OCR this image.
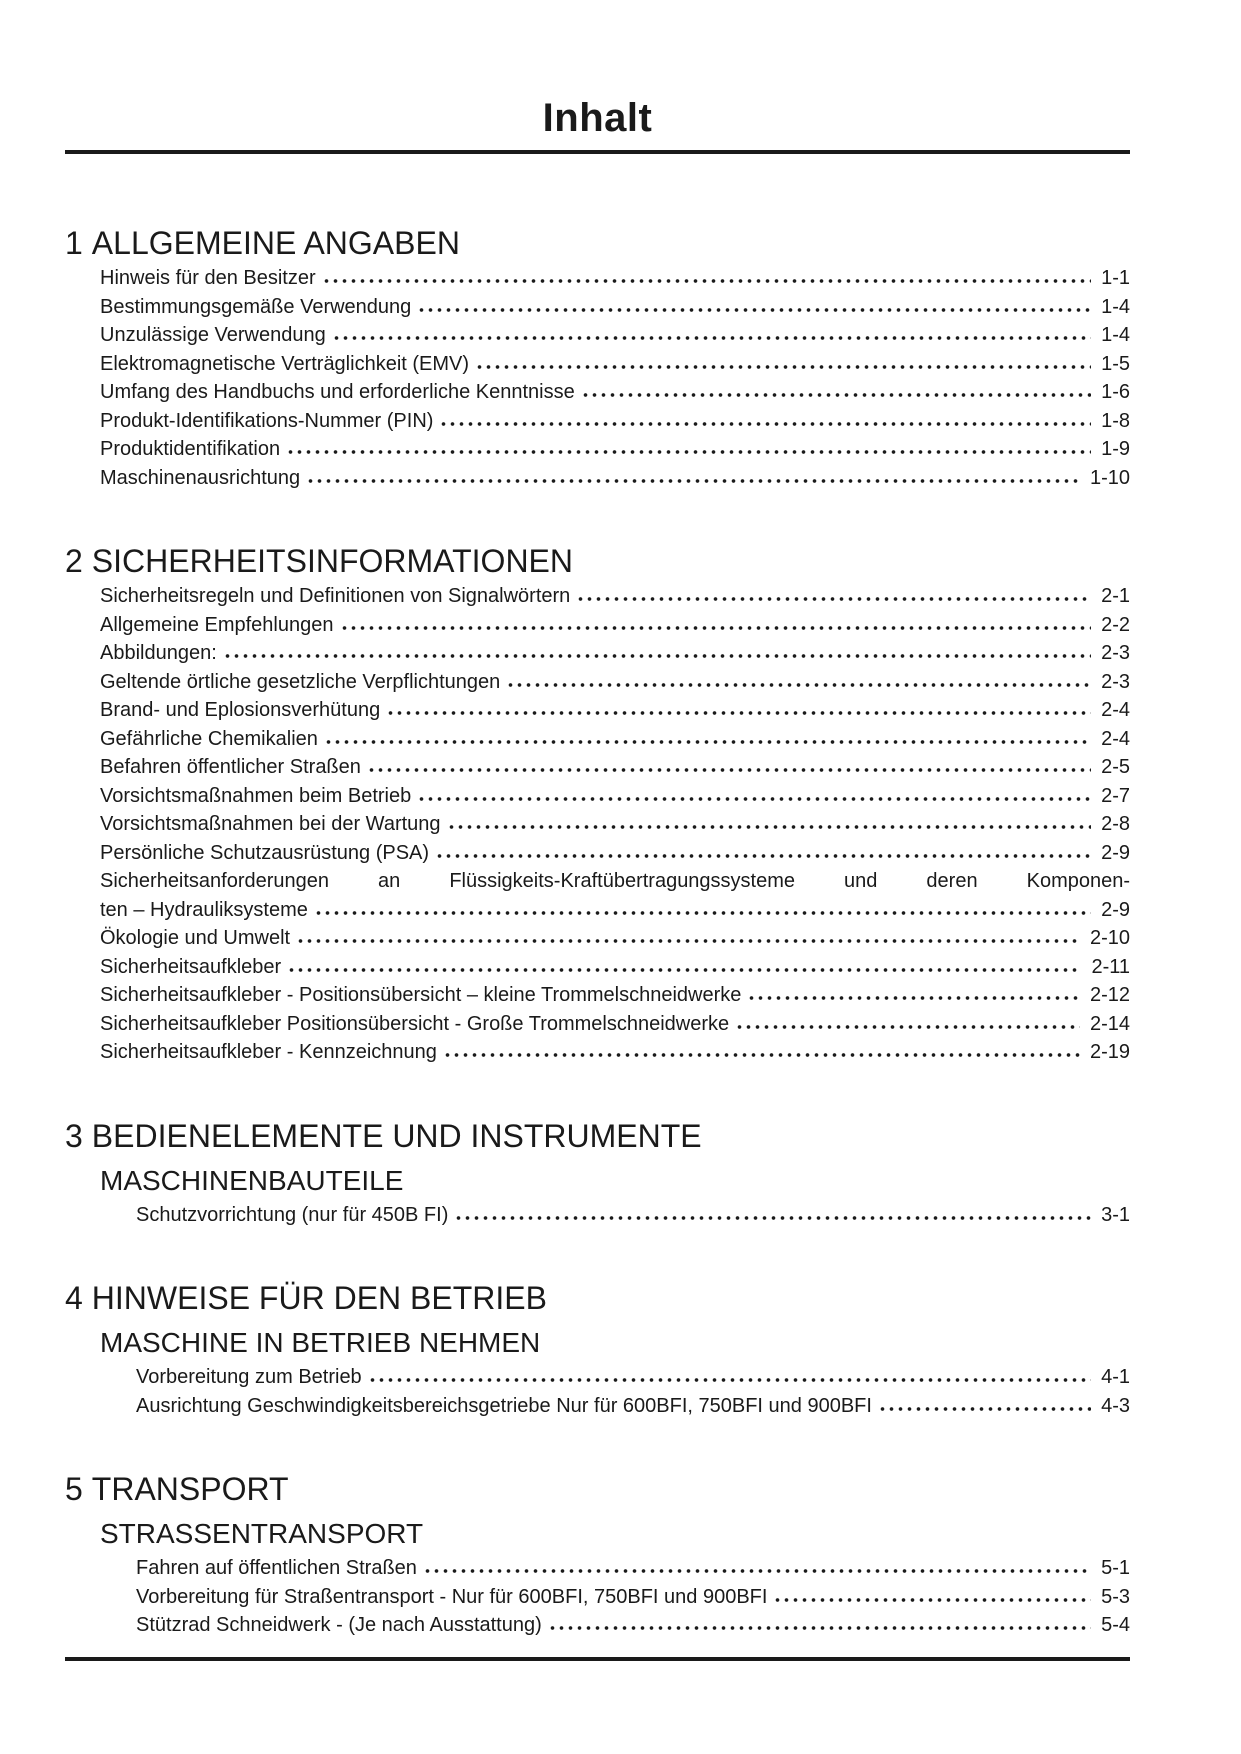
Inhalt
1 ALLGEMEINE ANGABEN
Hinweis für den Besitzer	1-1
Bestimmungsgemäße Verwendung	1-4
Unzulässige Verwendung	1-4
Elektromagnetische Verträglichkeit (EMV)	1-5
Umfang des Handbuchs und erforderliche Kenntnisse	1-6
Produkt-Identifikations-Nummer (PIN)	1-8
Produktidentifikation	1-9
Maschinenausrichtung	1-10
2 SICHERHEITSINFORMATIONEN
Sicherheitsregeln und Definitionen von Signalwörtern	2-1
Allgemeine Empfehlungen	2-2
Abbildungen:	2-3
Geltende örtliche gesetzliche Verpflichtungen	2-3
Brand- und Eplosionsverhütung	2-4
Gefährliche Chemikalien	2-4
Befahren öffentlicher Straßen	2-5
Vorsichtsmaßnahmen beim Betrieb	2-7
Vorsichtsmaßnahmen bei der Wartung	2-8
Persönliche Schutzausrüstung (PSA)	2-9
Sicherheitsanforderungen an Flüssigkeits-Kraftübertragungssysteme und deren Komponen-
ten – Hydrauliksysteme	2-9
Ökologie und Umwelt	2-10
Sicherheitsaufkleber	2-11
Sicherheitsaufkleber - Positionsübersicht – kleine Trommelschneidwerke	2-12
Sicherheitsaufkleber Positionsübersicht - Große Trommelschneidwerke	2-14
Sicherheitsaufkleber - Kennzeichnung	2-19
3 BEDIENELEMENTE UND INSTRUMENTE
MASCHINENBAUTEILE
Schutzvorrichtung (nur für 450B FI)	3-1
4 HINWEISE FÜR DEN BETRIEB
MASCHINE IN BETRIEB NEHMEN
Vorbereitung zum Betrieb	4-1
Ausrichtung Geschwindigkeitsbereichsgetriebe Nur für 600BFI, 750BFI und 900BFI	4-3
5 TRANSPORT
STRASSENTRANSPORT
Fahren auf öffentlichen Straßen	5-1
Vorbereitung für Straßentransport - Nur für 600BFI, 750BFI und 900BFI	5-3
Stützrad Schneidwerk - (Je nach Ausstattung)	5-4
